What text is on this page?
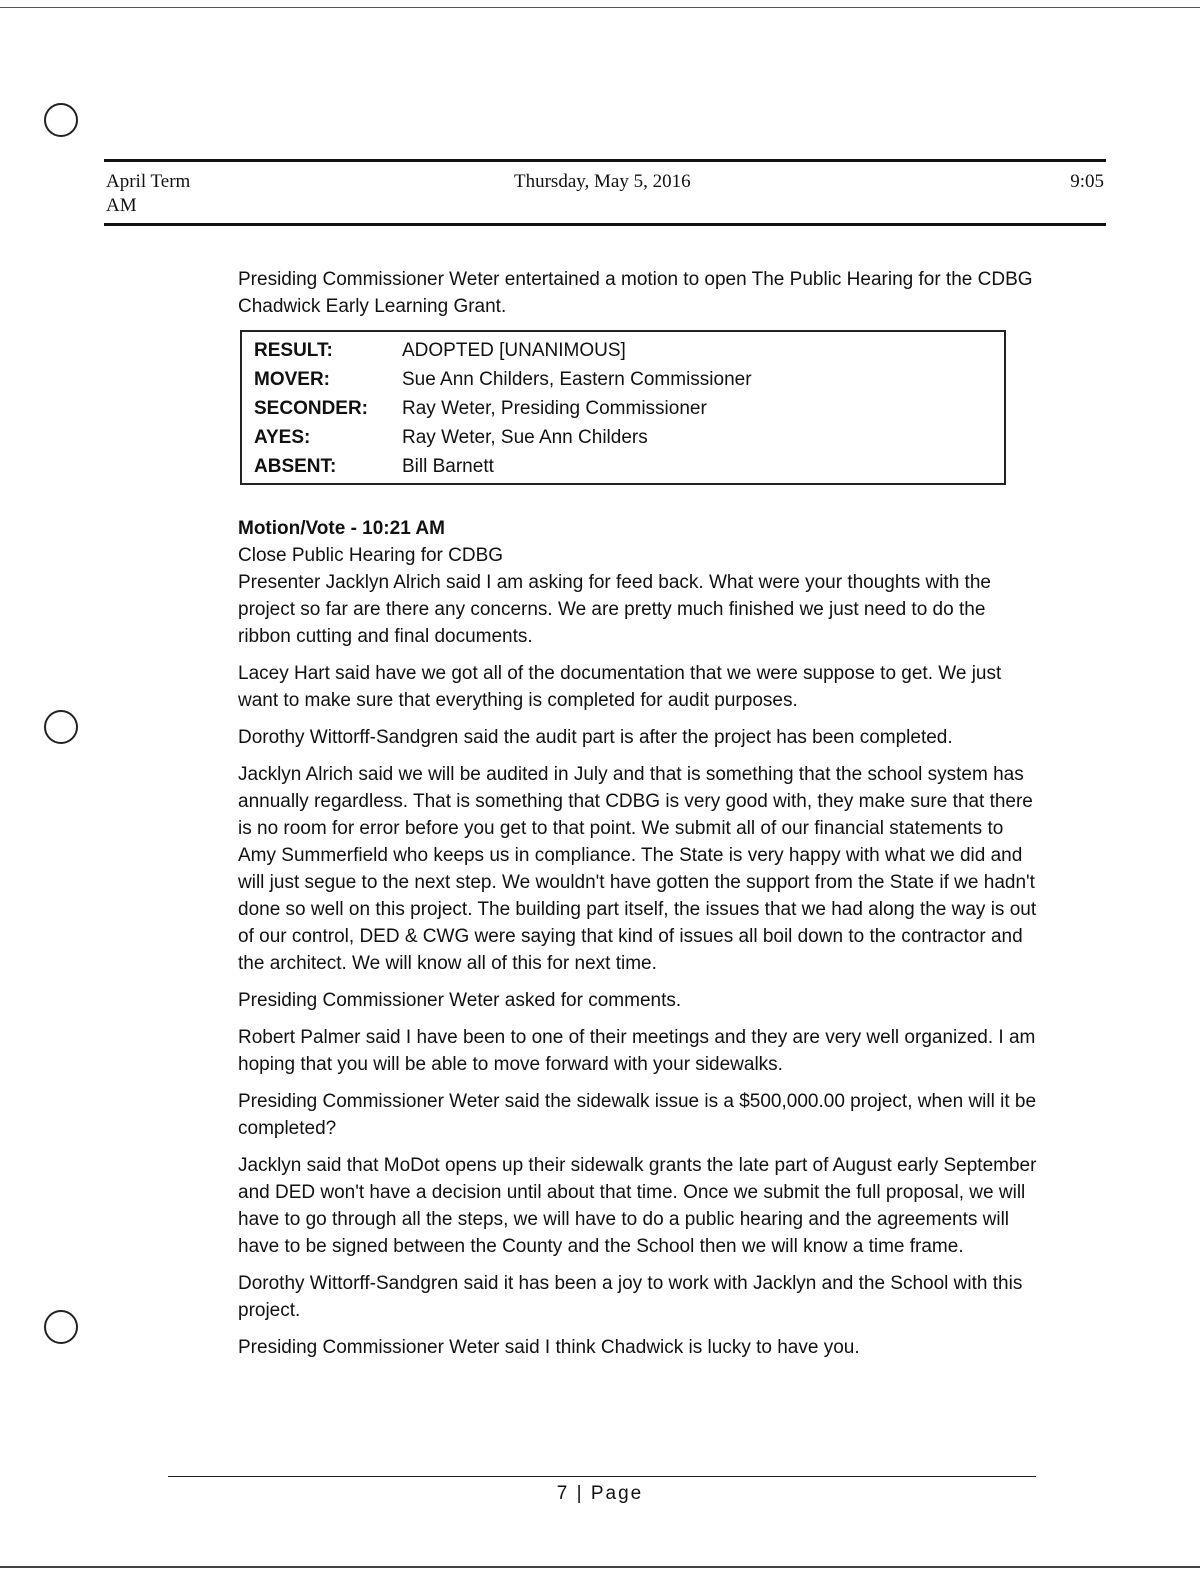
April Term
AM
Thursday, May 5, 2016	9:05

Presiding Commissioner Weter entertained a motion to open The Public Hearing for the CDBG Chadwick Early Learning Grant.

RESULT:	ADOPTED [UNANIMOUS]
MOVER:	Sue Ann Childers, Eastern Commissioner
SECONDER:	Ray Weter, Presiding Commissioner
AYES:	Ray Weter, Sue Ann Childers
ABSENT:	Bill Barnett
Motion/Vote - 10:21 AM
Close Public Hearing for CDBG

Presenter Jacklyn Alrich said I am asking for feed back. What were your thoughts with the project so far are there any concerns. We are pretty much finished we just need to do the ribbon cutting and final documents.

Lacey Hart said have we got all of the documentation that we were suppose to get. We just want to make sure that everything is completed for audit purposes.

Dorothy Wittorff-Sandgren said the audit part is after the project has been completed.

Jacklyn Alrich said we will be audited in July and that is something that the school system has annually regardless. That is something that CDBG is very good with, they make sure that there is no room for error before you get to that point. We submit all of our financial statements to Amy Summerfield who keeps us in compliance. The State is very happy with what we did and will just segue to the next step. We wouldn't have gotten the support from the State if we hadn't done so well on this project. The building part itself, the issues that we had along the way is out of our control, DED & CWG were saying that kind of issues all boil down to the contractor and the architect. We will know all of this for next time.

Presiding Commissioner Weter asked for comments.

Robert Palmer said I have been to one of their meetings and they are very well organized. I am hoping that you will be able to move forward with your sidewalks.

Presiding Commissioner Weter said the sidewalk issue is a $500,000.00 project, when will it be completed?

Jacklyn said that MoDot opens up their sidewalk grants the late part of August early September and DED won't have a decision until about that time. Once we submit the full proposal, we will have to go through all the steps, we will have to do a public hearing and the agreements will have to be signed between the County and the School then we will know a time frame.

Dorothy Wittorff-Sandgren said it has been a joy to work with Jacklyn and the School with this project.

Presiding Commissioner Weter said I think Chadwick is lucky to have you.

7 | Page
